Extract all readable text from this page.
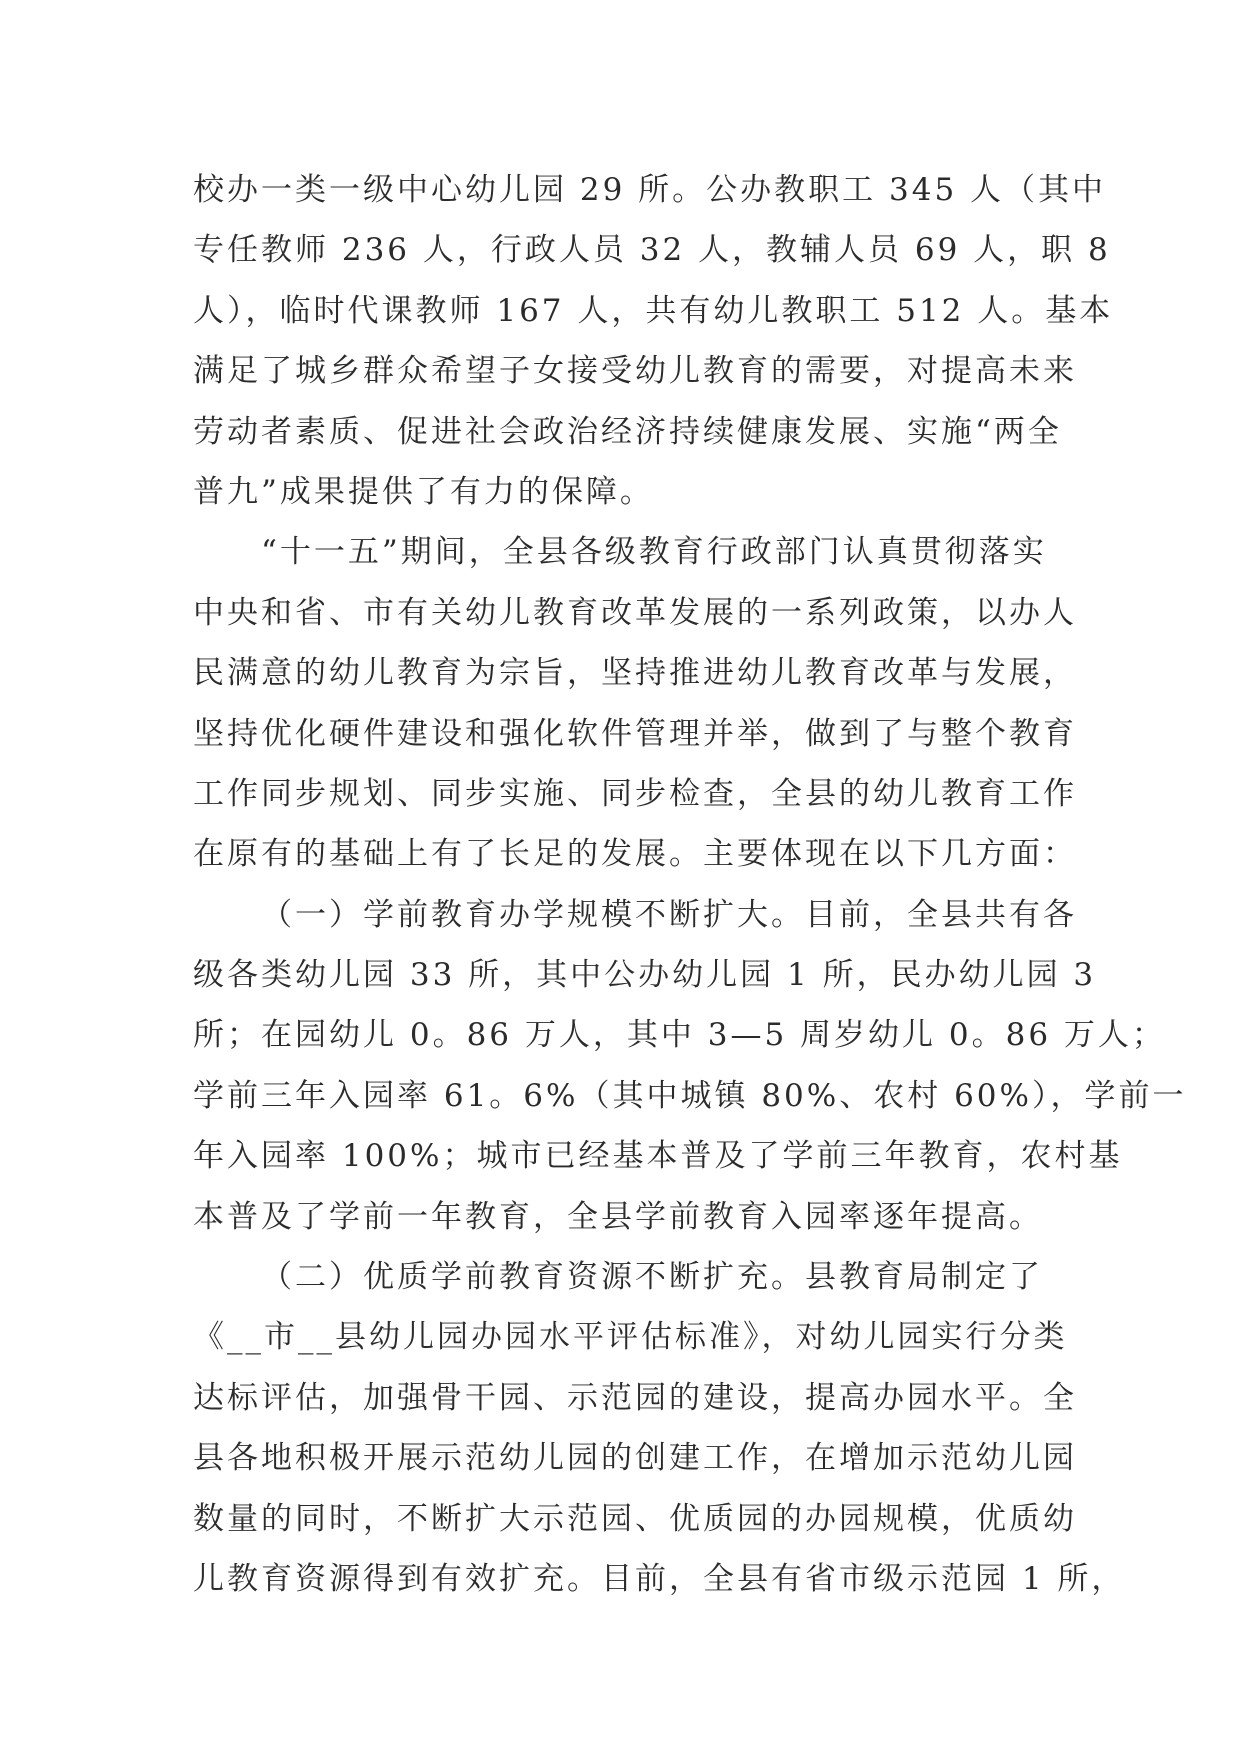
校办一类一级中心幼儿园 29 所。公办教职工 345 人（其中
专任教师 236 人，行政人员 32 人，教辅人员 69 人，职 8
人），临时代课教师 167 人，共有幼儿教职工 512 人。基本
满足了城乡群众希望子女接受幼儿教育的需要，对提高未来
劳动者素质、促进社会政治经济持续健康发展、实施“两全
普九”成果提供了有力的保障。
“十一五”期间，全县各级教育行政部门认真贯彻落实
中央和省、市有关幼儿教育改革发展的一系列政策，以办人
民满意的幼儿教育为宗旨，坚持推进幼儿教育改革与发展，
坚持优化硬件建设和强化软件管理并举，做到了与整个教育
工作同步规划、同步实施、同步检查，全县的幼儿教育工作
在原有的基础上有了长足的发展。主要体现在以下几方面：
（一）学前教育办学规模不断扩大。目前，全县共有各
级各类幼儿园 33 所，其中公办幼儿园 1 所，民办幼儿园 3
所；在园幼儿 0。86 万人，其中 3—5 周岁幼儿 0。86 万人；
学前三年入园率 61。6%（其中城镇 80%、农村 60%），学前一
年入园率 100%；城市已经基本普及了学前三年教育，农村基
本普及了学前一年教育，全县学前教育入园率逐年提高。
（二）优质学前教育资源不断扩充。县教育局制定了
《__市__县幼儿园办园水平评估标准》，对幼儿园实行分类
达标评估，加强骨干园、示范园的建设，提高办园水平。全
县各地积极开展示范幼儿园的创建工作，在增加示范幼儿园
数量的同时，不断扩大示范园、优质园的办园规模，优质幼
儿教育资源得到有效扩充。目前，全县有省市级示范园 1 所，
